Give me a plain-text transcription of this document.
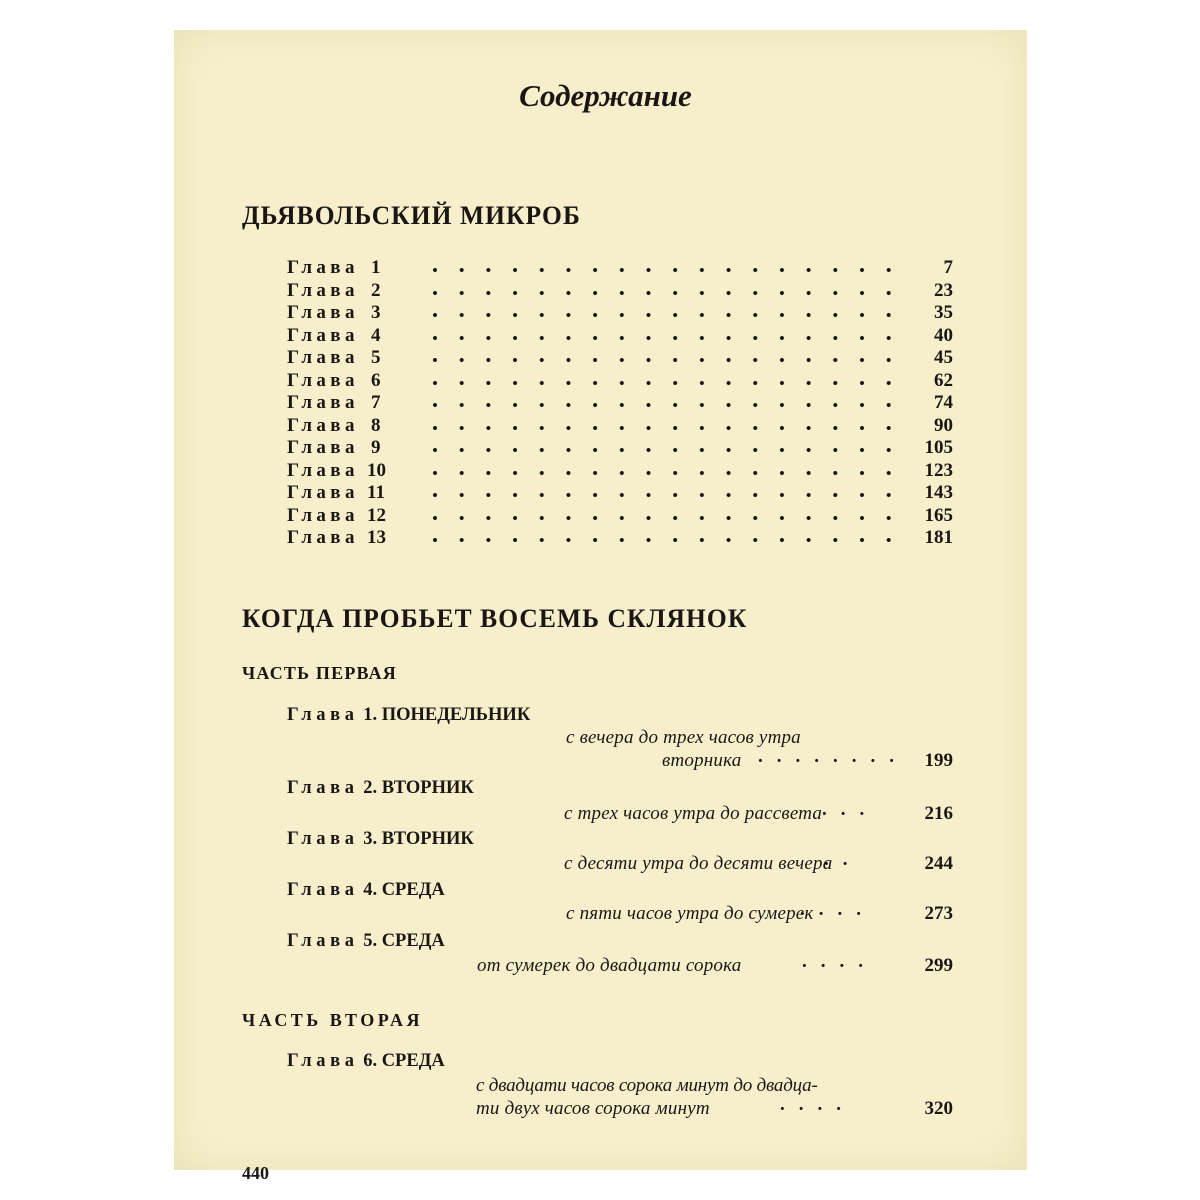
Содержание
ДЬЯВОЛЬСКИЙ МИКРОБ
Глава 1	7
Глава 2	23
Глава 3	35
Глава 4	40
Глава 5	45
Глава 6	62
Глава 7	74
Глава 8	90
Глава 9	105
Глава 10	123
Глава 11	143
Глава 12	165
Глава 13	181
КОГДА ПРОБЬЕТ ВОСЕМЬ СКЛЯНОК
ЧАСТЬ ПЕРВАЯ
Глава 1. ПОНЕДЕЛЬНИК
с вечера до трех часов утра
вторника ........ 199
Глава 2. ВТОРНИК
с трех часов утра до рассвета ...	216
Глава 3. ВТОРНИК
с десяти утра до десяти вечера
..	244
Глава 4. СРЕДА
с пяти часов утра до сумерек
....	273
Глава 5. СРЕДА
от сумерек до двадцати сорока	....	299
ЧАСТЬ ВТОРАЯ
Глава 6. СРЕДА
с двадцати часов сорока минут до двадца-
ти двух часов сорока минут	....	320
440
